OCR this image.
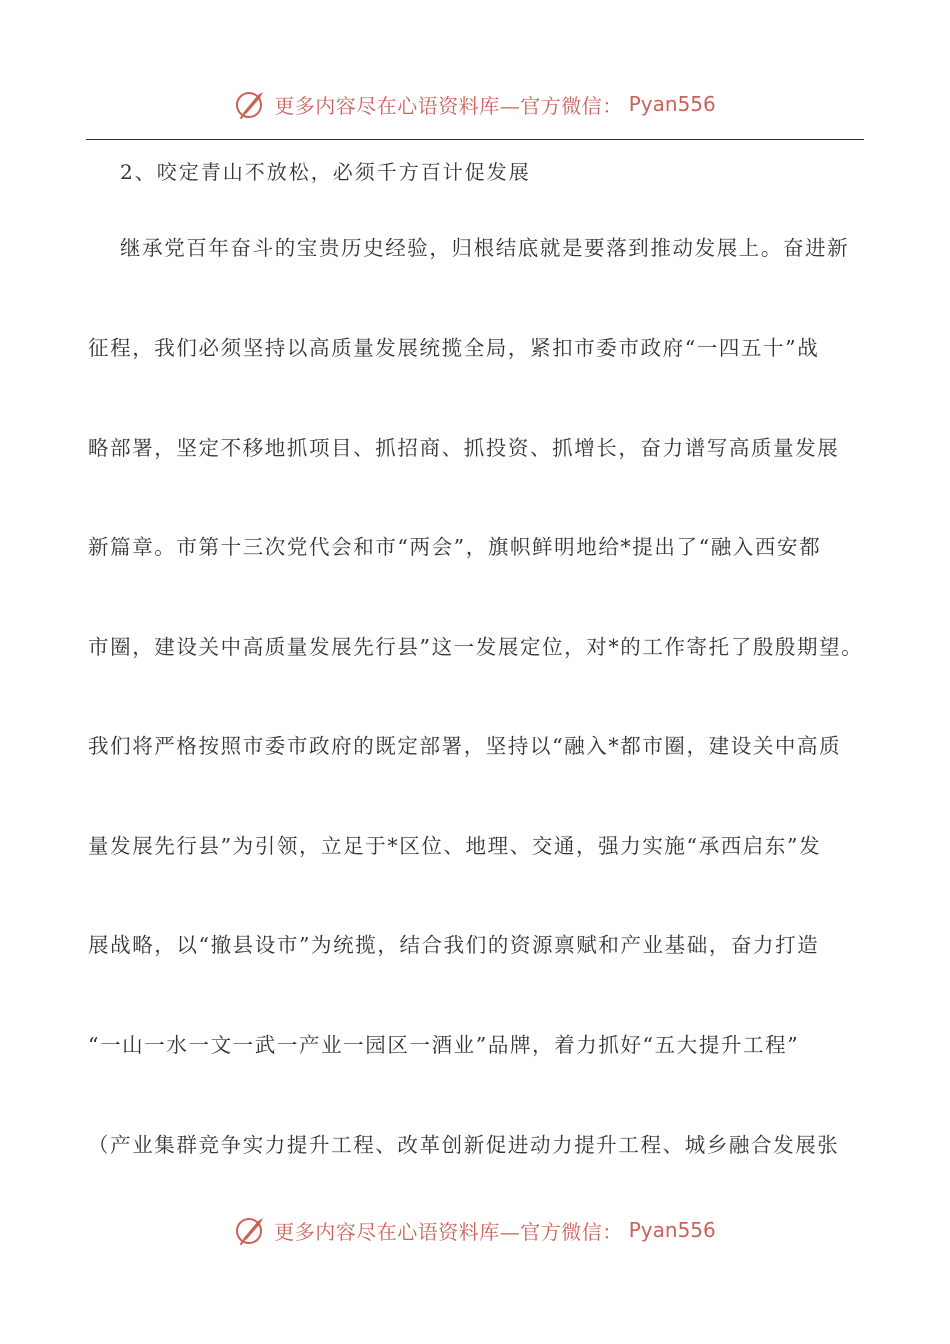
更多内容尽在心语资料库—官方微信： Pyan556
2、咬定青山不放松，必须千方百计促发展
继承党百年奋斗的宝贵历史经验，归根结底就是要落到推动发展上。奋进新
征程，我们必须坚持以高质量发展统揽全局，紧扣市委市政府“一四五十”战
略部署，坚定不移地抓项目、抓招商、抓投资、抓增长，奋力谱写高质量发展
新篇章。市第十三次党代会和市“两会”，旗帜鲜明地给*提出了“融入西安都
市圈，建设关中高质量发展先行县”这一发展定位，对*的工作寄托了殷殷期望。
我们将严格按照市委市政府的既定部署，坚持以“融入*都市圈，建设关中高质
量发展先行县”为引领，立足于*区位、地理、交通，强力实施“承西启东”发
展战略，以“撤县设市”为统揽，结合我们的资源禀赋和产业基础，奋力打造
“一山一水一文一武一产业一园区一酒业”品牌，着力抓好“五大提升工程”
（产业集群竞争实力提升工程、改革创新促进动力提升工程、城乡融合发展张
更多内容尽在心语资料库—官方微信： Pyan556
